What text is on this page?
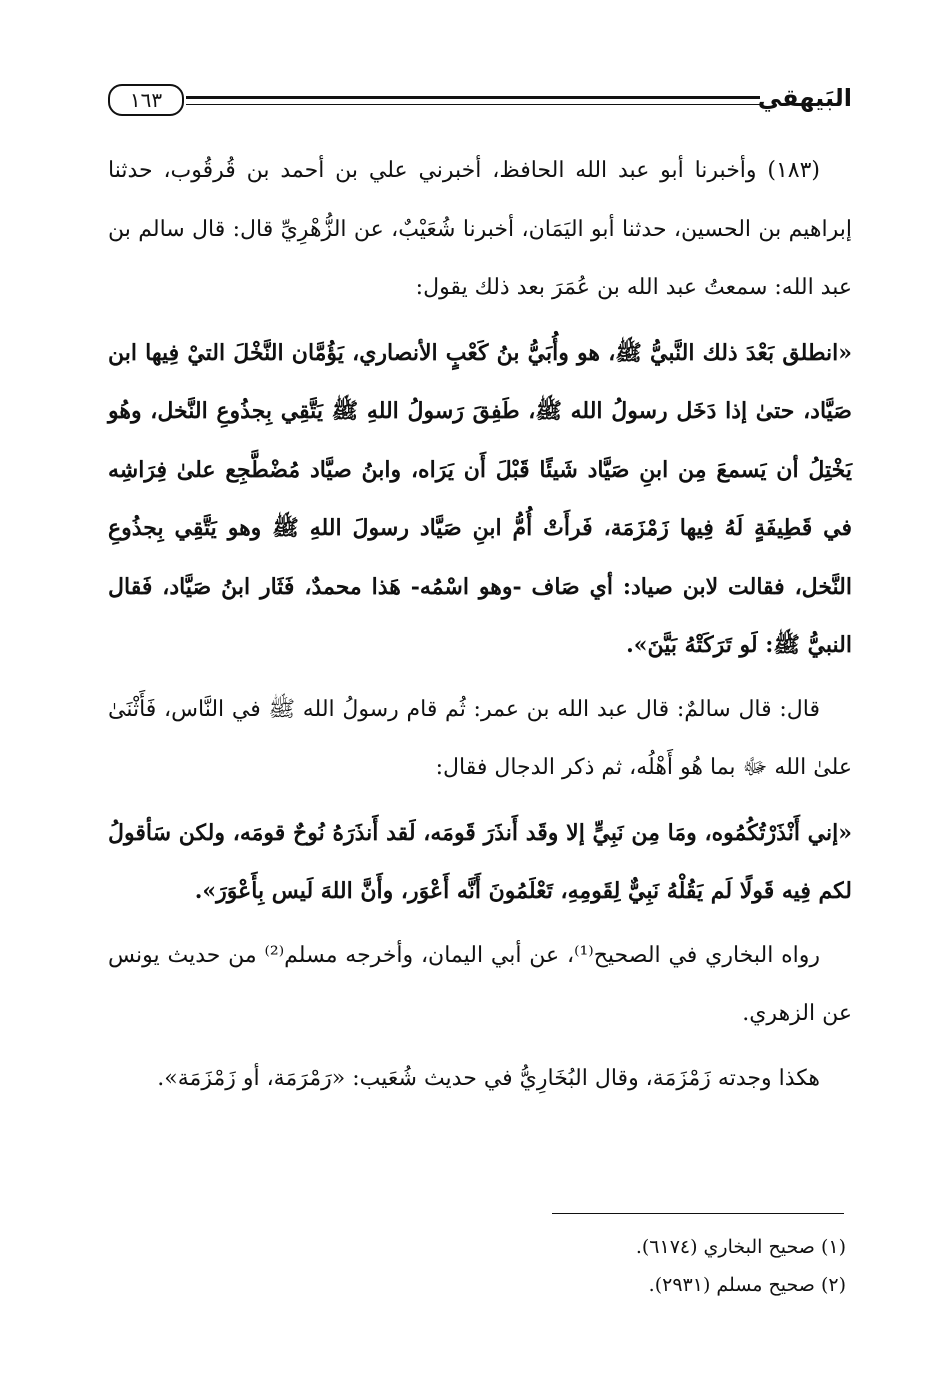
١٦٣	البَيهقي

(١٨٣) وأخبرنا أبو عبد الله الحافظ، أخبرني علي بن أحمد بن قُرقُوب، حدثنا إبراهيم بن الحسين، حدثنا أبو اليَمَان، أخبرنا شُعَيْبٌ، عن الزُّهْرِيِّ قال: قال سالم بن عبد الله: سمعتُ عبد الله بن عُمَرَ بعد ذلك يقول:

«انطلق بَعْدَ ذلك النَّبيُّ ﷺ، هو وأُبَيُّ بنُ كَعْبٍ الأنصاري، يَؤُمَّان النَّخْلَ التيْ فِيها ابن صَيَّاد، حتىٰ إذا دَخَل رسولُ الله ﷺ، طَفِقَ رَسولُ اللهِ ﷺ يَتَّقِي بِجذُوعِ النَّخل، وهُو يَخْتِلُ أن يَسمعَ مِن ابنِ صَيَّاد شَيئًا قَبْلَ أَن يَرَاه، وابنُ صيَّاد مُضْطَّجِع علىٰ فِرَاشِه في قَطِيفَةٍ لَهُ فِيها زَمْزَمَة، فَرأَتْ أُمُّ ابنِ صَيَّاد رسولَ اللهِ ﷺ وهو يَتَّقِي بِجذُوعِ النَّخل، فقالت لابن صياد: أي صَاف -وهو اسْمُه- هَذا محمدٌ، فَثَار ابنُ صَيَّاد، فَقال النبيُّ ﷺ: لَو تَرَكَتْهُ بَيَّنَ».

قال: قال سالمٌ: قال عبد الله بن عمر: ثُم قام رسولُ الله ﷺ في النَّاس، فَأَثْنَىٰ علىٰ الله ﷻ بما هُو أَهْلُه، ثم ذكر الدجال فقال:

«إني أَنْذَرْتُكُمُوه، ومَا مِن نَبِيٍّ إلا وقَد أَنذَرَ قَومَه، لَقد أَنذَرَهُ نُوحٌ قومَه، ولكن سَأقولُ لكم فِيه قَولًا لَم يَقُلْهُ نَبِيٌّ لِقَومِهِ، تَعْلَمُونَ أَنَّه أَعْوَر، وأَنَّ اللهَ لَيس بِأَعْوَرَ».

رواه البخاري في الصحيح⁽¹⁾، عن أبي اليمان، وأخرجه مسلم⁽²⁾ من حديث يونس عن الزهري.

هكذا وجدته زَمْزَمَة، وقال البُخَارِيُّ في حديث شُعَيب: «رَمْرَمَة، أو زَمْزَمَة».

(١) صحيح البخاري (٦١٧٤).

(٢) صحيح مسلم (٢٩٣١).
